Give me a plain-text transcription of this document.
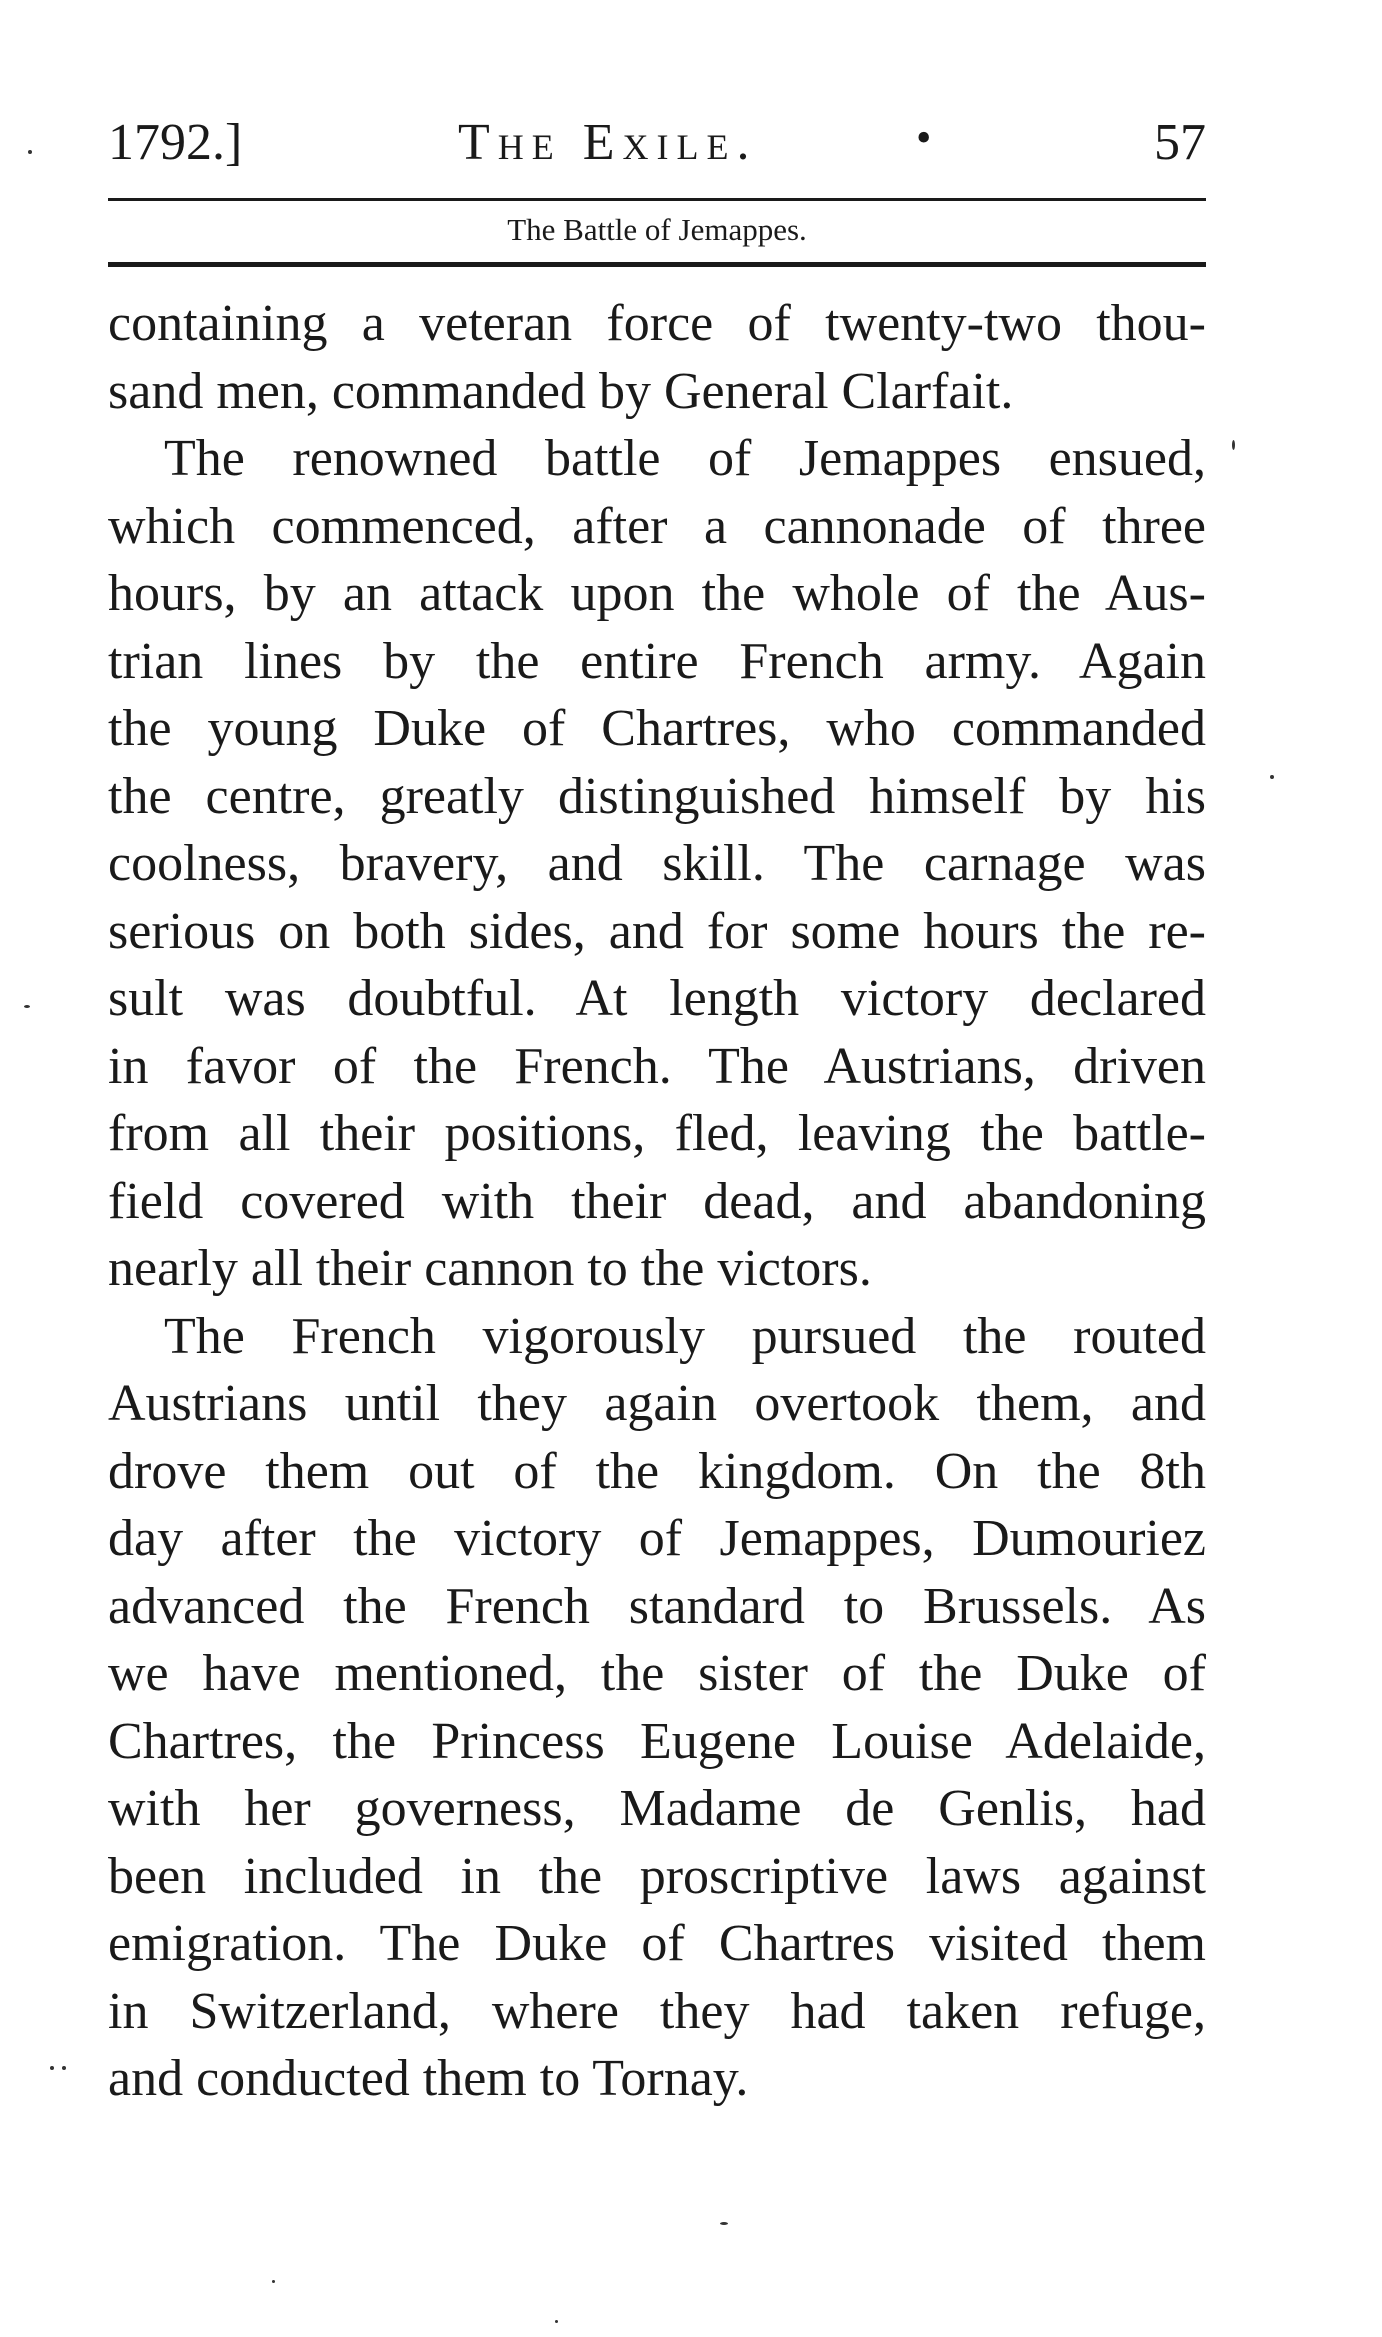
1792.]	The Exile.	•	57
The Battle of Jemappes.
containing a veteran force of twenty-two thou-
sand men, commanded by General Clarfait.
The renowned battle of Jemappes ensued,
which commenced, after a cannonade of three
hours, by an attack upon the whole of the Aus-
trian lines by the entire French army. Again
the young Duke of Chartres, who commanded
the centre, greatly distinguished himself by his
coolness, bravery, and skill. The carnage was
serious on both sides, and for some hours the re-
sult was doubtful. At length victory declared
in favor of the French. The Austrians, driven
from all their positions, fled, leaving the battle-
field covered with their dead, and abandoning
nearly all their cannon to the victors.
The French vigorously pursued the routed
Austrians until they again overtook them, and
drove them out of the kingdom. On the 8th
day after the victory of Jemappes, Dumouriez
advanced the French standard to Brussels. As
we have mentioned, the sister of the Duke of
Chartres, the Princess Eugene Louise Adelaide,
with her governess, Madame de Genlis, had
been included in the proscriptive laws against
emigration. The Duke of Chartres visited them
in Switzerland, where they had taken refuge,
and conducted them to Tornay.
